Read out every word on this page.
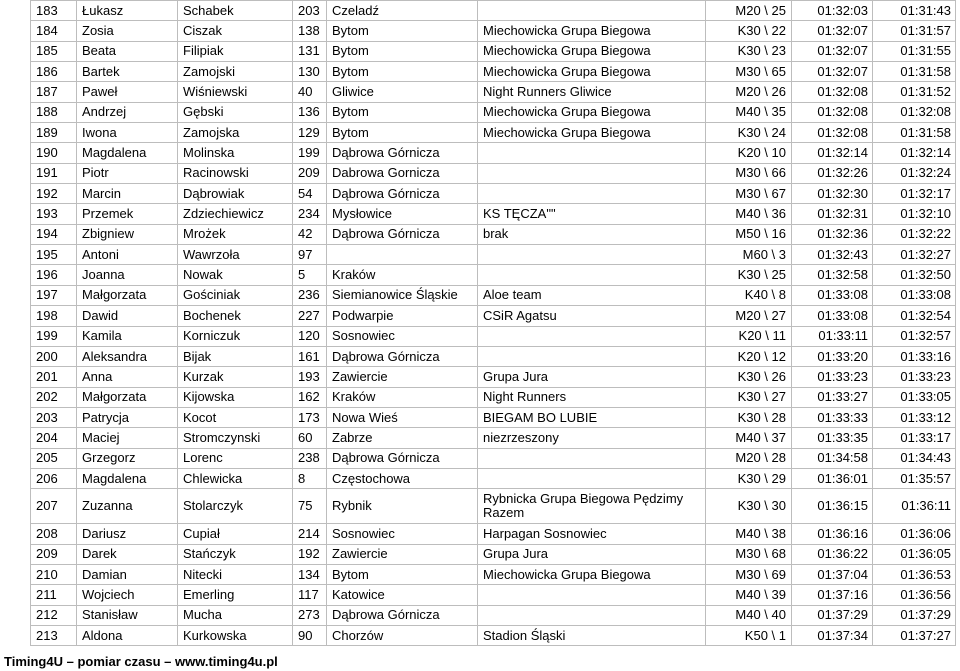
183	Łukasz	Schabek	203	Czeladź		M20 \ 25	01:32:03	01:31:43
184	Zosia	Ciszak	138	Bytom	Miechowicka Grupa Biegowa	K30 \ 22	01:32:07	01:31:57
185	Beata	Filipiak	131	Bytom	Miechowicka Grupa Biegowa	K30 \ 23	01:32:07	01:31:55
186	Bartek	Zamojski	130	Bytom	Miechowicka Grupa Biegowa	M30 \ 65	01:32:07	01:31:58
187	Paweł	Wiśniewski	40	Gliwice	Night Runners Gliwice	M20 \ 26	01:32:08	01:31:52
188	Andrzej	Gębski	136	Bytom	Miechowicka Grupa Biegowa	M40 \ 35	01:32:08	01:32:08
189	Iwona	Zamojska	129	Bytom	Miechowicka Grupa Biegowa	K30 \ 24	01:32:08	01:31:58
190	Magdalena	Molinska	199	Dąbrowa Górnicza		K20 \ 10	01:32:14	01:32:14
191	Piotr	Racinowski	209	Dabrowa Gornicza		M30 \ 66	01:32:26	01:32:24
192	Marcin	Dąbrowiak	54	Dąbrowa Górnicza		M30 \ 67	01:32:30	01:32:17
193	Przemek	Zdziechiewicz	234	Mysłowice	KS TĘCZA""	M40 \ 36	01:32:31	01:32:10
194	Zbigniew	Mrożek	42	Dąbrowa Górnicza	brak	M50 \ 16	01:32:36	01:32:22
195	Antoni	Wawrzoła	97			M60 \ 3	01:32:43	01:32:27
196	Joanna	Nowak	5	Kraków		K30 \ 25	01:32:58	01:32:50
197	Małgorzata	Gościniak	236	Siemianowice Śląskie	Aloe team	K40 \ 8	01:33:08	01:33:08
198	Dawid	Bochenek	227	Podwarpie	CSiR Agatsu	M20 \ 27	01:33:08	01:32:54
199	Kamila	Korniczuk	120	Sosnowiec		K20 \ 11	01:33:11	01:32:57
200	Aleksandra	Bijak	161	Dąbrowa Górnicza		K20 \ 12	01:33:20	01:33:16
201	Anna	Kurzak	193	Zawiercie	Grupa Jura	K30 \ 26	01:33:23	01:33:23
202	Małgorzata	Kijowska	162	Kraków	Night Runners	K30 \ 27	01:33:27	01:33:05
203	Patrycja	Kocot	173	Nowa Wieś	BIEGAM BO LUBIE	K30 \ 28	01:33:33	01:33:12
204	Maciej	Stromczynski	60	Zabrze	niezrzeszony	M40 \ 37	01:33:35	01:33:17
205	Grzegorz	Lorenc	238	Dąbrowa Górnicza		M20 \ 28	01:34:58	01:34:43
206	Magdalena	Chlewicka	8	Częstochowa		K30 \ 29	01:36:01	01:35:57
207	Zuzanna	Stolarczyk	75	Rybnik	Rybnicka Grupa Biegowa Pędzimy Razem	K30 \ 30	01:36:15	01:36:11
208	Dariusz	Cupiał	214	Sosnowiec	Harpagan Sosnowiec	M40 \ 38	01:36:16	01:36:06
209	Darek	Stańczyk	192	Zawiercie	Grupa Jura	M30 \ 68	01:36:22	01:36:05
210	Damian	Nitecki	134	Bytom	Miechowicka Grupa Biegowa	M30 \ 69	01:37:04	01:36:53
211	Wojciech	Emerling	117	Katowice		M40 \ 39	01:37:16	01:36:56
212	Stanisław	Mucha	273	Dąbrowa Górnicza		M40 \ 40	01:37:29	01:37:29
213	Aldona	Kurkowska	90	Chorzów	Stadion Śląski	K50 \ 1	01:37:34	01:37:27
Timing4U – pomiar czasu – www.timing4u.pl
